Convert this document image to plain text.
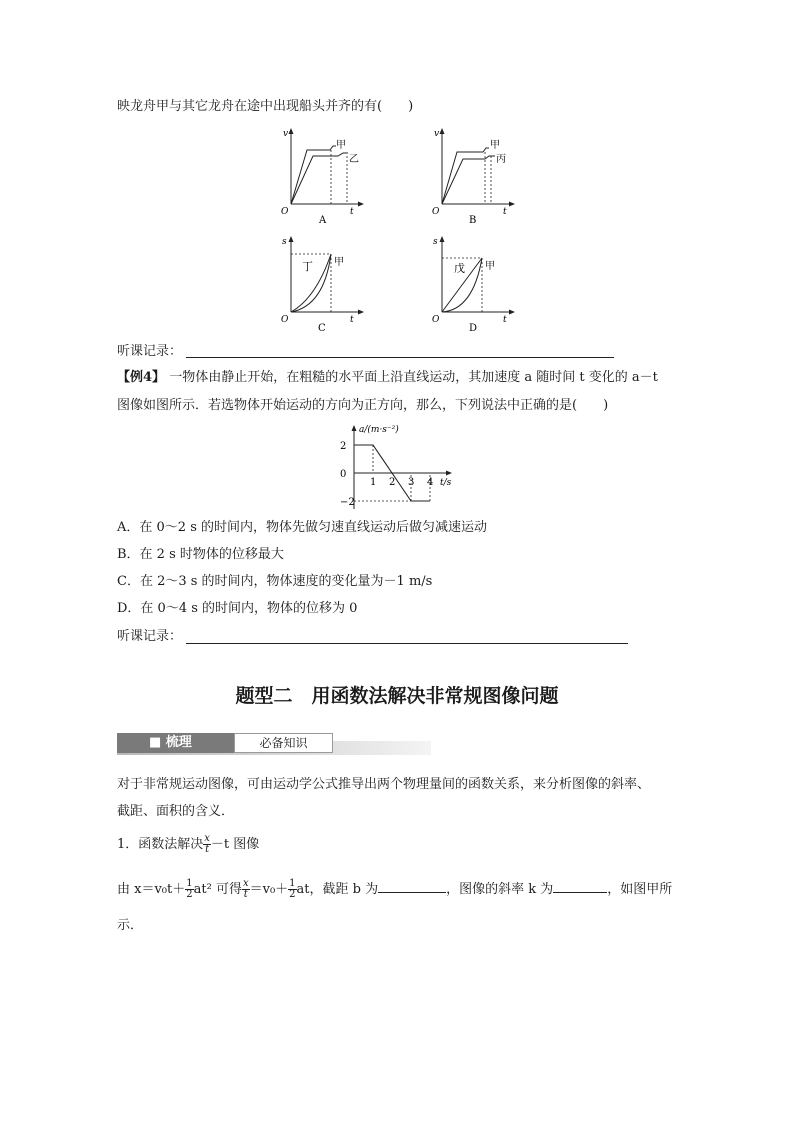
映龙舟甲与其它龙舟在途中出现船头并齐的有(　　)
v
t
O
甲
乙
A
v
t
O
甲
丙
B
s
t
O
丁 甲
C
s
t
O
戊 甲
D
听课记录：
【例4】 一物体由静止开始，在粗糙的水平面上沿直线运动，其加速度 a 随时间 t 变化的 a－t
图像如图所示．若选物体开始运动的方向为正方向，那么，下列说法中正确的是(　　)
a/(m·s⁻²)
t/s
2
0
−2
1 2 3 4
A．在 0～2 s 的时间内，物体先做匀速直线运动后做匀减速运动
B．在 2 s 时物体的位移最大
C．在 2～3 s 的时间内，物体速度的变化量为－1 m/s
D．在 0～4 s 的时间内，物体的位移为 0
听课记录：
题型二　用函数法解决非常规图像问题
■ 梳理	必备知识
对于非常规运动图像，可由运动学公式推导出两个物理量间的函数关系，来分析图像的斜率、
截距、面积的含义．
1．函数法解决 $\frac{x}{t} -t$ 图像
由 $x=v_0t+ \frac{1}{2} at^2$ 可得 $\frac{x}{t} =v_0+ \frac{1}{2}$ at，截距 b 为	，图像的斜率 k 为	，如图甲所
示．
